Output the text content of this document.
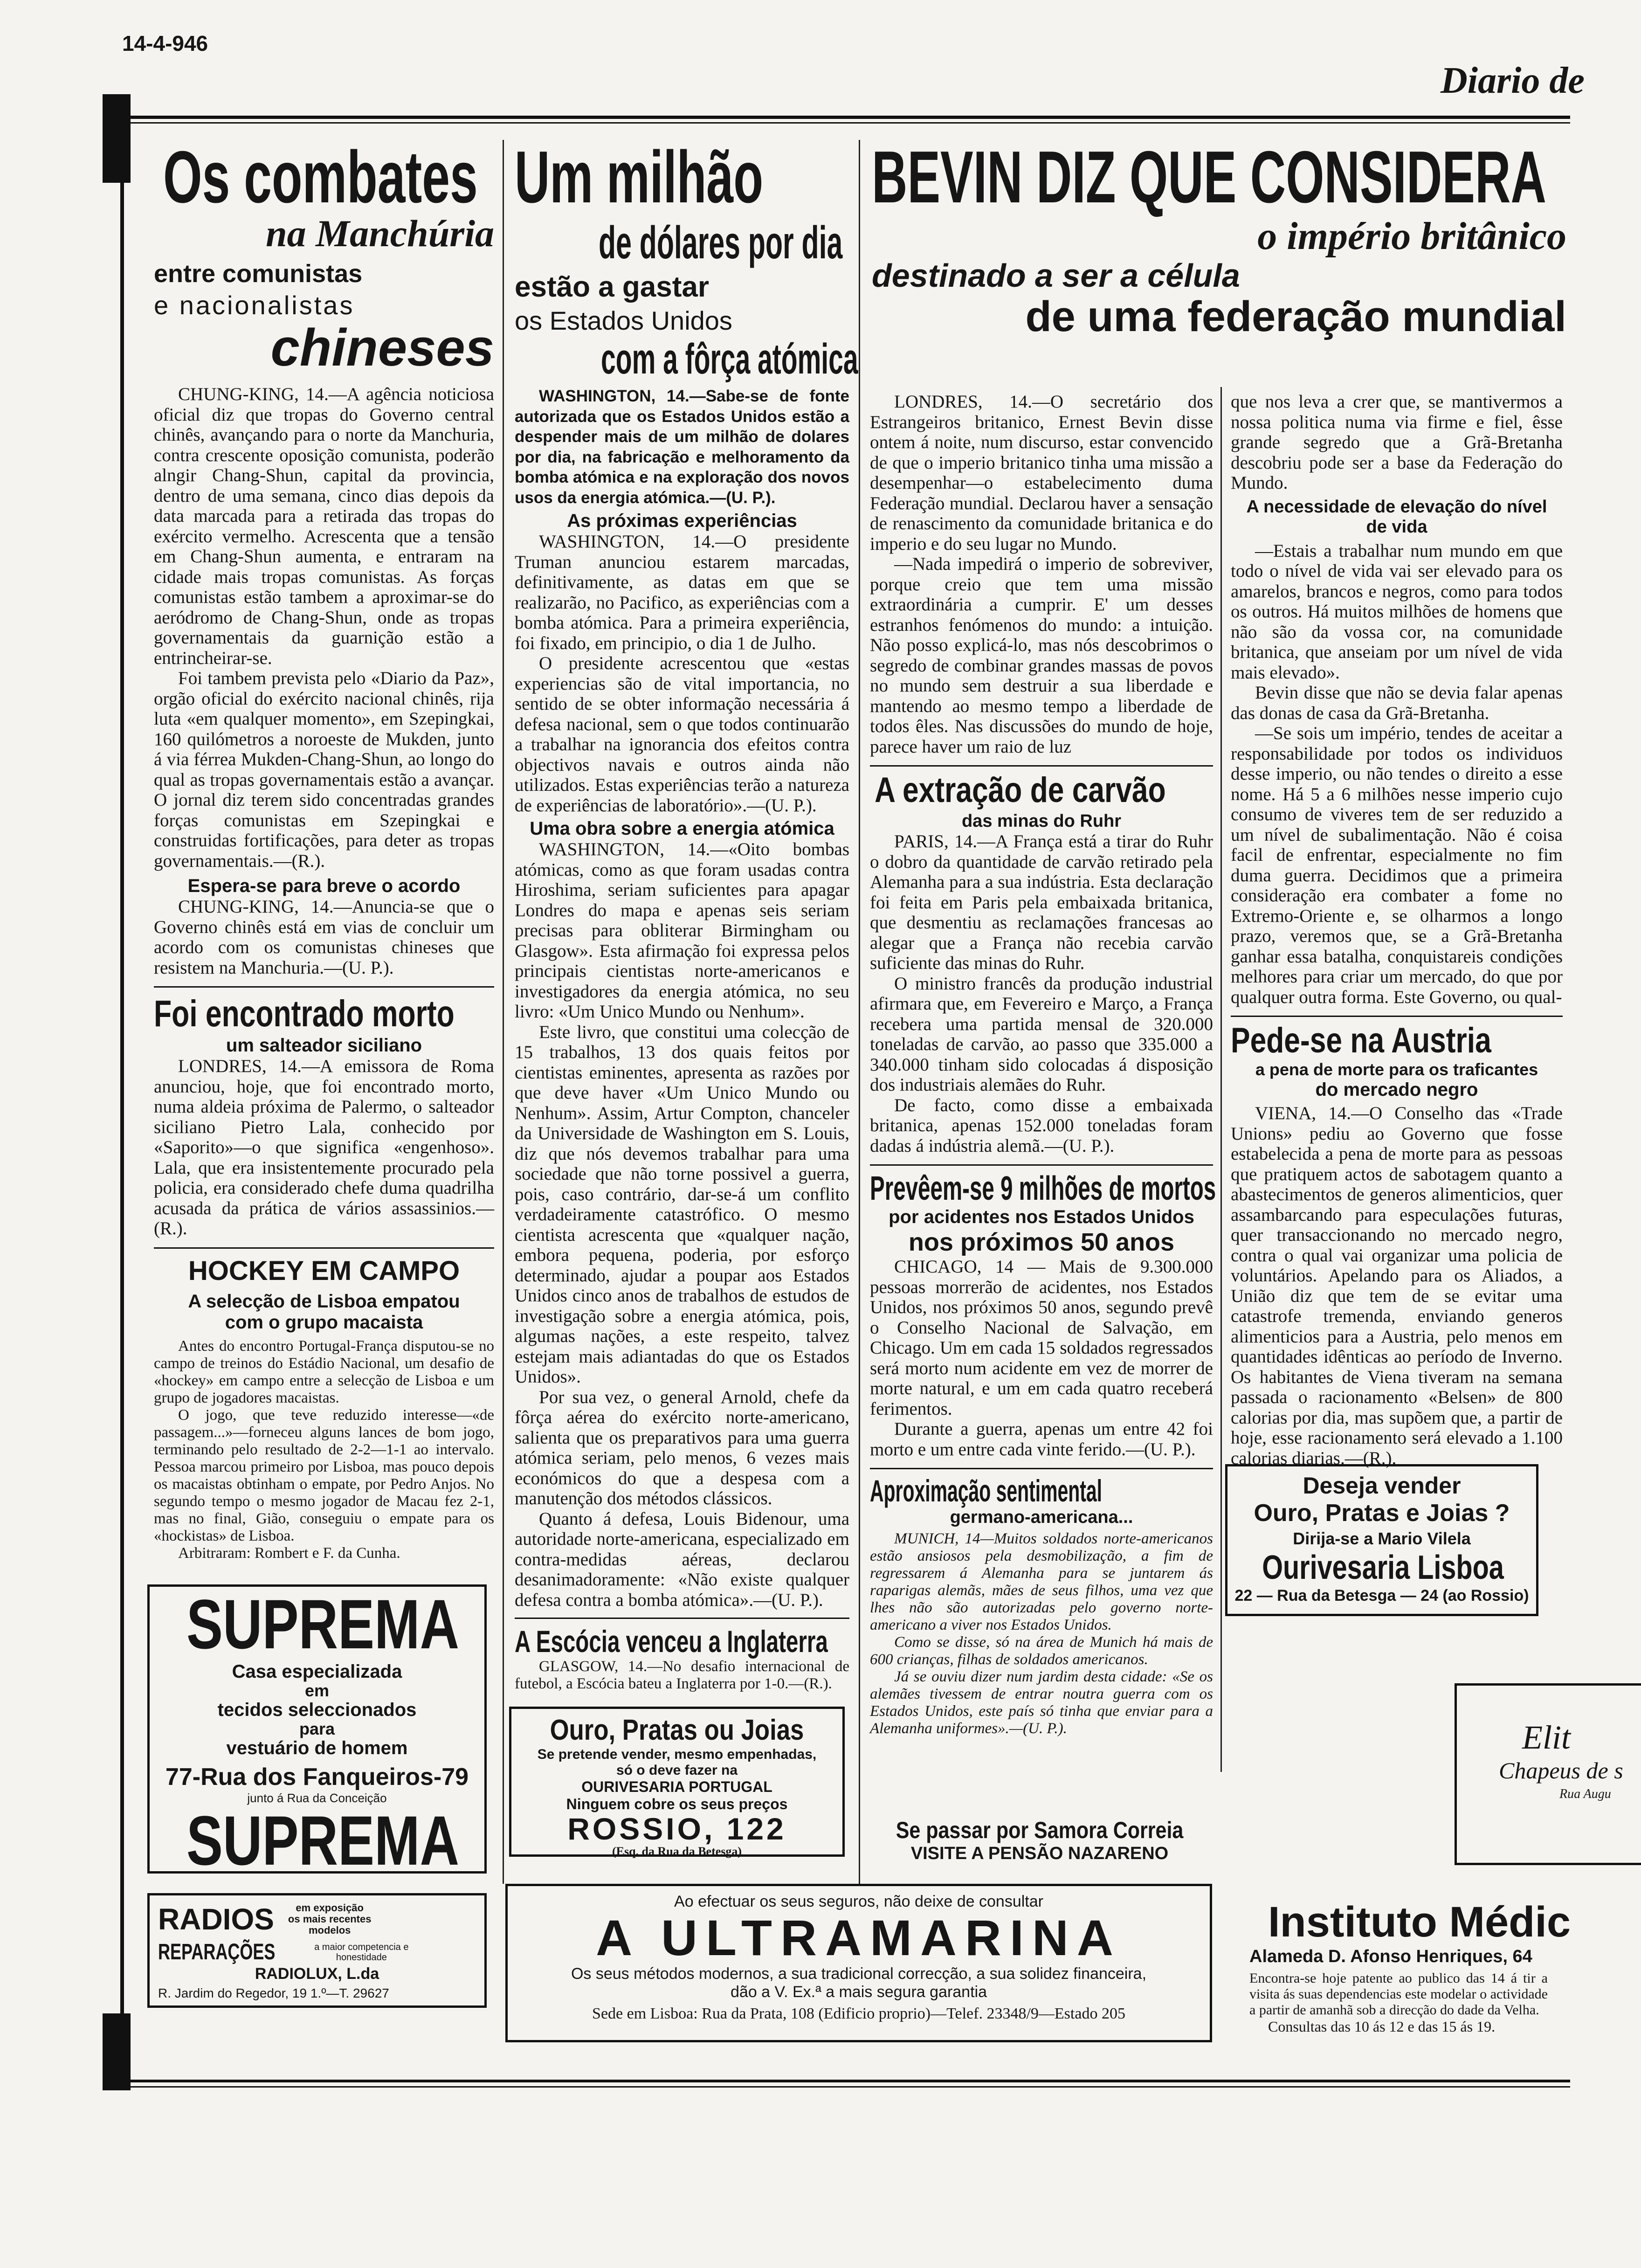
14-4-946
Diario de
Os combates
na Manchúria
entre comunistas
e nacionalistas
chineses

CHUNG-KING, 14.—A agência noticiosa oficial diz que tropas do Governo central chinês, avançando para o norte da Manchuria, contra crescente oposição comunista, poderão alngir Chang-Shun, capital da provincia, dentro de uma semana, cinco dias depois da data marcada para a retirada das tropas do exército vermelho. Acrescenta que a tensão em Chang-Shun aumenta, e entraram na cidade mais tropas comunistas. As forças comunistas estão tambem a aproximar-se do aeródromo de Chang-Shun, onde as tropas governamentais da guarnição estão a entrincheirar-se.

Foi tambem prevista pelo «Diario da Paz», orgão oficial do exército nacional chinês, rija luta «em qualquer momento», em Szepingkai, 160 quilómetros a noroeste de Mukden, junto á via férrea Mukden-Chang-Shun, ao longo do qual as tropas governamentais estão a avançar. O jornal diz terem sido concentradas grandes forças comunistas em Szepingkai e construidas fortificações, para deter as tropas governamentais.—(R.).

Espera-se para breve o acordo

CHUNG-KING, 14.—Anuncia-se que o Governo chinês está em vias de concluir um acordo com os comunistas chineses que resistem na Manchuria.—(U. P.).

Foi encontrado morto
um salteador siciliano

LONDRES, 14.—A emissora de Roma anunciou, hoje, que foi encontrado morto, numa aldeia próxima de Palermo, o salteador siciliano Pietro Lala, conhecido por «Saporito»—o que significa «engenhoso». Lala, que era insistentemente procurado pela policia, era considerado chefe duma quadrilha acusada da prática de vários assassinios.—(R.).

HOCKEY EM CAMPO
A selecção de Lisboa empatou
com o grupo macaista

Antes do encontro Portugal-França disputou-se no campo de treinos do Estádio Nacional, um desafio de «hockey» em campo entre a selecção de Lisboa e um grupo de jogadores macaistas.

O jogo, que teve reduzido interesse—«de passagem...»—forneceu alguns lances de bom jogo, terminando pelo resultado de 2-2—1-1 ao intervalo. Pessoa marcou primeiro por Lisboa, mas pouco depois os macaistas obtinham o empate, por Pedro Anjos. No segundo tempo o mesmo jogador de Macau fez 2-1, mas no final, Gião, conseguiu o empate para os «hockistas» de Lisboa.

Arbitraram: Rombert e F. da Cunha.

Um milhão
de dólares por dia
estão a gastar
os Estados Unidos
com a fôrça atómica

WASHINGTON, 14.—Sabe-se de fonte autorizada que os Estados Unidos estão a despender mais de um milhão de dolares por dia, na fabricação e melhoramento da bomba atómica e na exploração dos novos usos da energia atómica.—(U. P.).

As próximas experiências

WASHINGTON, 14.—O presidente Truman anunciou estarem marcadas, definitivamente, as datas em que se realizarão, no Pacifico, as experiências com a bomba atómica. Para a primeira experiência, foi fixado, em principio, o dia 1 de Julho.

O presidente acrescentou que «estas experiencias são de vital importancia, no sentido de se obter informação necessária á defesa nacional, sem o que todos continuarão a trabalhar na ignorancia dos efeitos contra objectivos navais e outros ainda não utilizados. Estas experiências terão a natureza de experiências de laboratório».—(U. P.).

Uma obra sobre a energia atómica

WASHINGTON, 14.—«Oito bombas atómicas, como as que foram usadas contra Hiroshima, seriam suficientes para apagar Londres do mapa e apenas seis seriam precisas para obliterar Birmingham ou Glasgow». Esta afirmação foi expressa pelos principais cientistas norte-americanos e investigadores da energia atómica, no seu livro: «Um Unico Mundo ou Nenhum».

Este livro, que constitui uma colecção de 15 trabalhos, 13 dos quais feitos por cientistas eminentes, apresenta as razões por que deve haver «Um Unico Mundo ou Nenhum». Assim, Artur Compton, chanceler da Universidade de Washington em S. Louis, diz que nós devemos trabalhar para uma sociedade que não torne possivel a guerra, pois, caso contrário, dar-se-á um conflito verdadeiramente catastrófico. O mesmo cientista acrescenta que «qualquer nação, embora pequena, poderia, por esforço determinado, ajudar a poupar aos Estados Unidos cinco anos de trabalhos de estudos de investigação sobre a energia atómica, pois, algumas nações, a este respeito, talvez estejam mais adiantadas do que os Estados Unidos».

Por sua vez, o general Arnold, chefe da fôrça aérea do exército norte-americano, salienta que os preparativos para uma guerra atómica seriam, pelo menos, 6 vezes mais económicos do que a despesa com a manutenção dos métodos clássicos.

Quanto á defesa, Louis Bidenour, uma autoridade norte-americana, especializado em contra-medidas aéreas, declarou desanimadoramente: «Não existe qualquer defesa contra a bomba atómica».—(U. P.).

A Escócia venceu a Inglaterra

GLASGOW, 14.—No desafio internacional de futebol, a Escócia bateu a Inglaterra por 1-0.—(R.).

BEVIN DIZ QUE CONSIDERA
o império britânico
destinado a ser a célula
de uma federação mundial

LONDRES, 14.—O secretário dos Estrangeiros britanico, Ernest Bevin disse ontem á noite, num discurso, estar convencido de que o imperio britanico tinha uma missão a desempenhar—o estabelecimento duma Federação mundial. Declarou haver a sensação de renascimento da comunidade britanica e do imperio e do seu lugar no Mundo.

—Nada impedirá o imperio de sobreviver, porque creio que tem uma missão extraordinária a cumprir. E' um desses estranhos fenómenos do mundo: a intuição. Não posso explicá-lo, mas nós descobrimos o segredo de combinar grandes massas de povos no mundo sem destruir a sua liberdade e mantendo ao mesmo tempo a liberdade de todos êles. Nas discussões do mundo de hoje, parece haver um raio de luz

A extração de carvão
das minas do Ruhr

PARIS, 14.—A França está a tirar do Ruhr o dobro da quantidade de carvão retirado pela Alemanha para a sua indústria. Esta declaração foi feita em Paris pela embaixada britanica, que desmentiu as reclamações francesas ao alegar que a França não recebia carvão suficiente das minas do Ruhr.

O ministro francês da produção industrial afirmara que, em Fevereiro e Março, a França recebera uma partida mensal de 320.000 toneladas de carvão, ao passo que 335.000 a 340.000 tinham sido colocadas á disposição dos industriais alemães do Ruhr.

De facto, como disse a embaixada britanica, apenas 152.000 toneladas foram dadas á indústria alemã.—(U. P.).

Prevêem-se 9 milhões de mortos
por acidentes nos Estados Unidos
nos próximos 50 anos

CHICAGO, 14 — Mais de 9.300.000 pessoas morrerão de acidentes, nos Estados Unidos, nos próximos 50 anos, segundo prevê o Conselho Nacional de Salvação, em Chicago. Um em cada 15 soldados regressados será morto num acidente em vez de morrer de morte natural, e um em cada quatro receberá ferimentos.

Durante a guerra, apenas um entre 42 foi morto e um entre cada vinte ferido.—(U. P.).

Aproximação sentimental
germano-americana...

MUNICH, 14—Muitos soldados norte-americanos estão ansiosos pela desmobilização, a fim de regressarem á Alemanha para se juntarem ás raparigas alemãs, mães de seus filhos, uma vez que lhes não são autorizadas pelo governo norte-americano a viver nos Estados Unidos.

Como se disse, só na área de Munich há mais de 600 crianças, filhas de soldados americanos.

Já se ouviu dizer num jardim desta cidade: «Se os alemães tivessem de entrar noutra guerra com os Estados Unidos, este país só tinha que enviar para a Alemanha uniformes».—(U. P.).

que nos leva a crer que, se mantivermos a nossa politica numa via firme e fiel, êsse grande segredo que a Grã-Bretanha descobriu pode ser a base da Federação do Mundo.

A necessidade de elevação do nível de vida

—Estais a trabalhar num mundo em que todo o nível de vida vai ser elevado para os amarelos, brancos e negros, como para todos os outros. Há muitos milhões de homens que não são da vossa cor, na comunidade britanica, que anseiam por um nível de vida mais elevado».

Bevin disse que não se devia falar apenas das donas de casa da Grã-Bretanha.

—Se sois um império, tendes de aceitar a responsabilidade por todos os individuos desse imperio, ou não tendes o direito a esse nome. Há 5 a 6 milhões nesse imperio cujo consumo de viveres tem de ser reduzido a um nível de subalimentação. Não é coisa facil de enfrentar, especialmente no fim duma guerra. Decidimos que a primeira consideração era combater a fome no Extremo-Oriente e, se olharmos a longo prazo, veremos que, se a Grã-Bretanha ganhar essa batalha, conquistareis condições melhores para criar um mercado, do que por qualquer outra forma. Este Governo, ou qual-

Pede-se na Austria
a pena de morte para os traficantes
do mercado negro

VIENA, 14.—O Conselho das «Trade Unions» pediu ao Governo que fosse estabelecida a pena de morte para as pessoas que pratiquem actos de sabotagem quanto a abastecimentos de generos alimenticios, quer assambarcando para especulações futuras, quer transaccionando no mercado negro, contra o qual vai organizar uma policia de voluntários. Apelando para os Aliados, a União diz que tem de se evitar uma catastrofe tremenda, enviando generos alimenticios para a Austria, pelo menos em quantidades idênticas ao período de Inverno. Os habitantes de Viena tiveram na semana passada o racionamento «Belsen» de 800 calorias por dia, mas supõem que, a partir de hoje, esse racionamento será elevado a 1.100 calorias diarias.—(R.).

SUPREMA
Casa especializada
em
tecidos seleccionados
para
vestuário de homem
77-Rua dos Fanqueiros-79
junto á Rua da Conceição
SUPREMA
RADIOS	em exposição
os mais recentes
modelos
REPARAÇÕES	a maior competencia e
honestidade
RADIOLUX, L.da
R. Jardim do Regedor, 19 1.º—T. 29627
Ouro, Pratas ou Joias
Se pretende vender, mesmo empenhadas, só o deve fazer na
OURIVESARIA PORTUGAL
Ninguem cobre os seus preços
ROSSIO, 122
(Esq. da Rua da Betesga)
Se passar por Samora Correia
VISITE A PENSÃO NAZARENO
Deseja vender
Ouro, Pratas e Joias ?
Dirija-se a Mario Vilela
Ourivesaria Lisboa
22 — Rua da Betesga — 24 (ao Rossio)
Elit
Chapeus de s
Rua Augu
Ao efectuar os seus seguros, não deixe de consultar
A ULTRAMARINA
Os seus métodos modernos, a sua tradicional correcção, a sua solidez financeira,
dão a V. Ex.ª a mais segura garantia
Sede em Lisboa: Rua da Prata, 108 (Edificio proprio)—Telef. 23348/9—Estado 205
Instituto Médic
Alameda D. Afonso Henriques, 64
Encontra-se hoje patente ao publico das 14 á tir a visita ás suas dependencias este modelar o actividade a partir de amanhã sob a direcção do dade da Velha.
Consultas das 10 ás 12 e das 15 ás 19.
